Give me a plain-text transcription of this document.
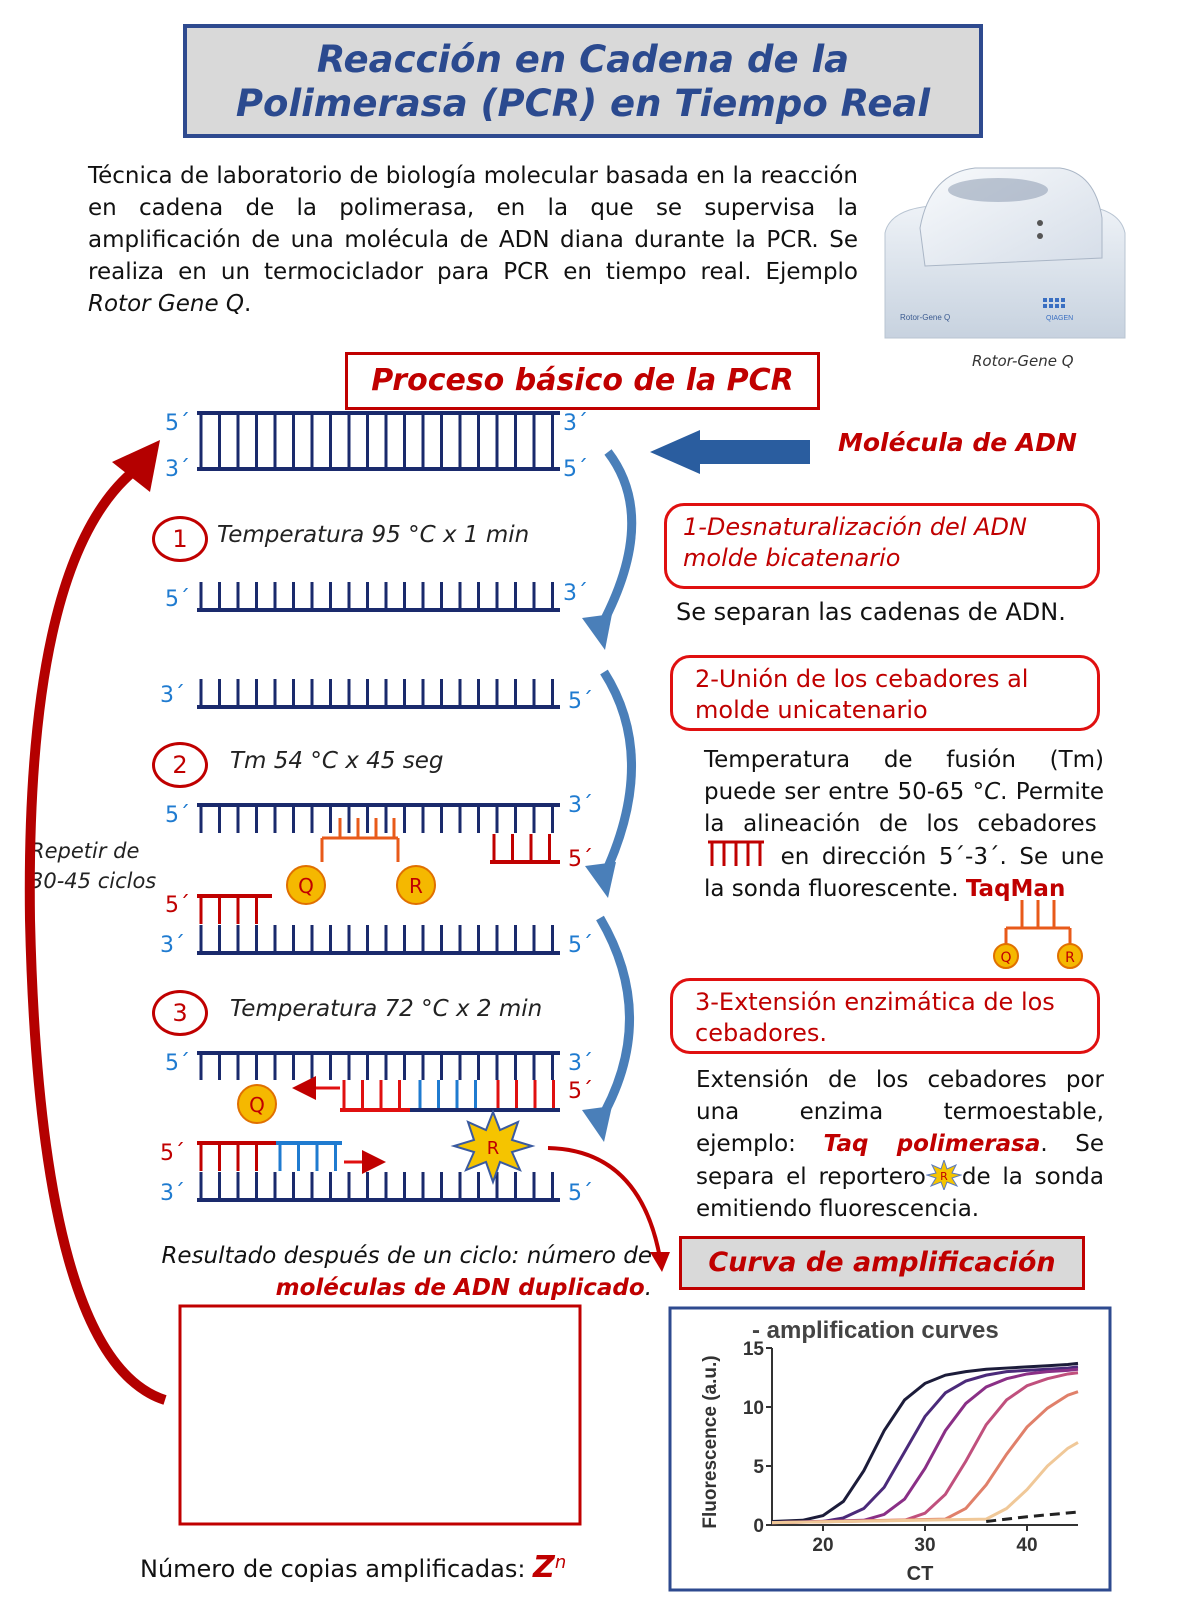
Reacción en Cadena de la
Polimerasa (PCR) en Tiempo Real
Técnica de laboratorio de biología molecular basada en la reacción en cadena de la polimerasa, en la que se supervisa la amplificación de una molécula de ADN diana durante la PCR. Se realiza en un termociclador para PCR en tiempo real. Ejemplo Rotor Gene Q.
QIAGEN
Rotor-Gene Q
Rotor-Gene Q
Proceso básico de la PCR
Molécula de ADN
1-Desnaturalización del ADN molde bicatenario
Se separan las cadenas de ADN.
2-Unión de los cebadores al molde unicatenario
Temperatura de fusión (Tm) puede ser entre 50-65 °C. Permite la alineación de los cebadores  en dirección 5´-3´. Se une la sonda fluorescente. TaqMan
Q	R
3-Extensión enzimática de los cebadores.
Extensión de los cebadores por una enzima termoestable, ejemplo: Taq polimerasa. Se separa el reportero R de la sonda emitiendo fluorescencia.
Curva de amplificación
1	Temperatura 95 °C x 1 min
2	Tm 54 °C x 45 seg
3	Temperatura 72 °C x 2 min
Repetir de 30-45 ciclos
Resultado después de un ciclo: número de moléculas de ADN duplicado.
Número de copias amplificadas: $Z^n$
Q	R
Q
R
5´
3´
3´
5´
5´	3´
3´	5´
5´	3´
5´
5´
3´	5´
5´	3´
5´
5´
3´	5´
- amplification curves
CT
Fluorescence (a.u.)
20	30	40
0
5
10
15
